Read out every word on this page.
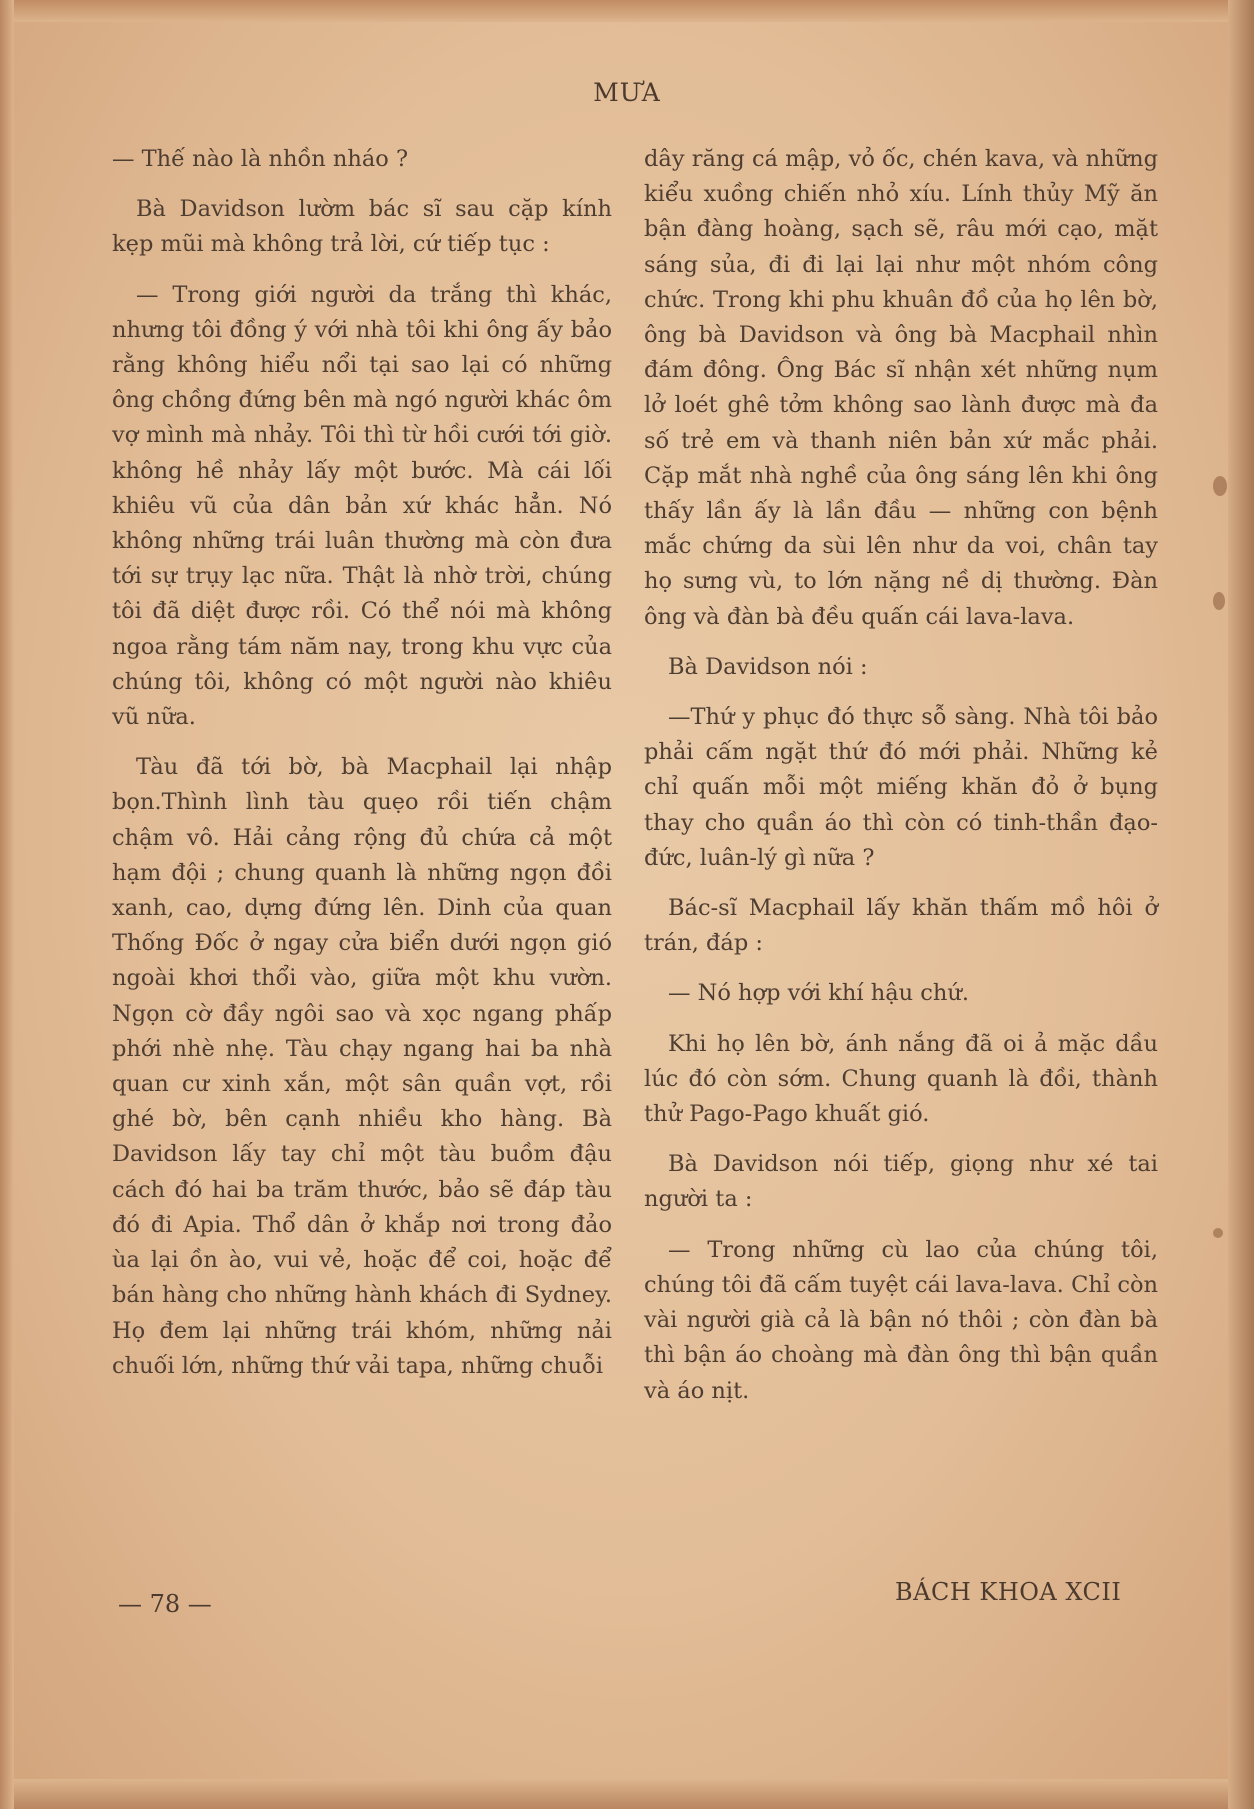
MƯA

— Thế nào là nhồn nháo ?

Bà Davidson lườm bác sĩ sau cặp kính kẹp mũi mà không trả lời, cứ tiếp tục :

— Trong giới người da trắng thì khác, nhưng tôi đồng ý với nhà tôi khi ông ấy bảo rằng không hiểu nổi tại sao lại có những ông chồng đứng bên mà ngó người khác ôm vợ mình mà nhảy. Tôi thì từ hồi cưới tới giờ. không hề nhảy lấy một bước. Mà cái lối khiêu vũ của dân bản xứ khác hẳn. Nó không những trái luân thường mà còn đưa tới sự trụy lạc nữa. Thật là nhờ trời, chúng tôi đã diệt được rồi. Có thể nói mà không ngoa rằng tám năm nay, trong khu vực của chúng tôi, không có một người nào khiêu vũ nữa.

Tàu đã tới bờ, bà Macphail lại nhập bọn.Thình lình tàu quẹo rồi tiến chậm chậm vô. Hải cảng rộng đủ chứa cả một hạm đội ; chung quanh là những ngọn đồi xanh, cao, dựng đứng lên. Dinh của quan Thống Đốc ở ngay cửa biển dưới ngọn gió ngoài khơi thổi vào, giữa một khu vườn. Ngọn cờ đầy ngôi sao và xọc ngang phấp phới nhè nhẹ. Tàu chạy ngang hai ba nhà quan cư xinh xắn, một sân quần vợt, rồi ghé bờ, bên cạnh nhiều kho hàng. Bà Davidson lấy tay chỉ một tàu buồm đậu cách đó hai ba trăm thước, bảo sẽ đáp tàu đó đi Apia. Thổ dân ở khắp nơi trong đảo ùa lại ồn ào, vui vẻ, hoặc để coi, hoặc để bán hàng cho những hành khách đi Sydney. Họ đem lại những trái khóm, những nải chuối lớn, những thứ vải tapa, những chuỗi

dây răng cá mập, vỏ ốc, chén kava, và những kiểu xuồng chiến nhỏ xíu. Lính thủy Mỹ ăn bận đàng hoàng, sạch sẽ, râu mới cạo, mặt sáng sủa, đi đi lại lại như một nhóm công chức. Trong khi phu khuân đồ của họ lên bờ, ông bà Davidson và ông bà Macphail nhìn đám đông. Ông Bác sĩ nhận xét những nụm lở loét ghê tởm không sao lành được mà đa số trẻ em và thanh niên bản xứ mắc phải. Cặp mắt nhà nghề của ông sáng lên khi ông thấy lần ấy là lần đầu — những con bệnh mắc chứng da sùi lên như da voi, chân tay họ sưng vù, to lớn nặng nề dị thường. Đàn ông và đàn bà đều quấn cái lava-lava.

Bà Davidson nói :

—Thứ y phục đó thực sỗ sàng. Nhà tôi bảo phải cấm ngặt thứ đó mới phải. Những kẻ chỉ quấn mỗi một miếng khăn đỏ ở bụng thay cho quần áo thì còn có tinh-thần đạo-đức, luân-lý gì nữa ?

Bác-sĩ Macphail lấy khăn thấm mồ hôi ở trán, đáp :

— Nó hợp với khí hậu chứ.

Khi họ lên bờ, ánh nắng đã oi ả mặc dầu lúc đó còn sớm. Chung quanh là đồi, thành thử Pago-Pago khuất gió.

Bà Davidson nói tiếp, giọng như xé tai người ta :

— Trong những cù lao của chúng tôi, chúng tôi đã cấm tuyệt cái lava-lava. Chỉ còn vài người già cả là bận nó thôi ; còn đàn bà thì bận áo choàng mà đàn ông thì bận quần và áo nịt.

— 78 —	BÁCH KHOA XCII
